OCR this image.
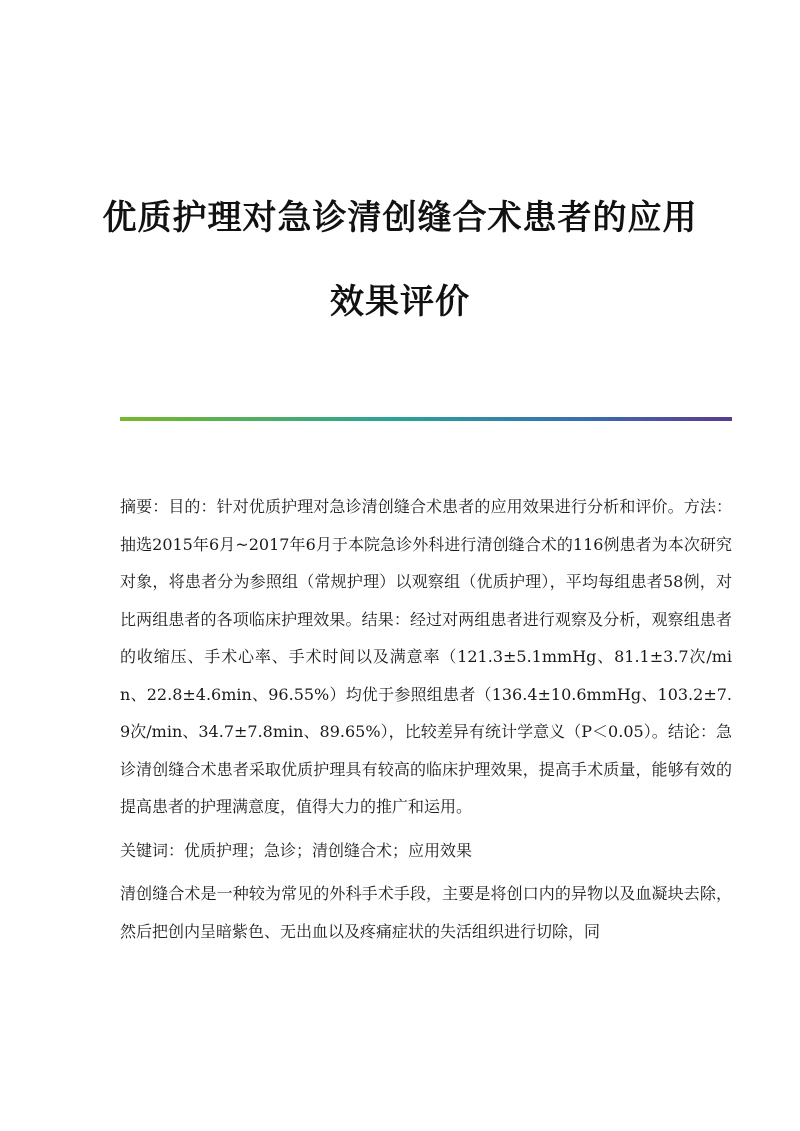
优质护理对急诊清创缝合术患者的应用
效果评价

摘要：目的：针对优质护理对急诊清创缝合术患者的应用效果进行分析和评价。方法：抽选2015年6月~2017年6月于本院急诊外科进行清创缝合术的116例患者为本次研究对象，将患者分为参照组（常规护理）以观察组（优质护理），平均每组患者58例，对比两组患者的各项临床护理效果。结果：经过对两组患者进行观察及分析，观察组患者的收缩压、手术心率、手术时间以及满意率（121.3±5.1mmHg、81.1±3.7次/min、22.8±4.6min、96.55%）均优于参照组患者（136.4±10.6mmHg、103.2±7.9次/min、34.7±7.8min、89.65%），比较差异有统计学意义（P＜0.05）。结论：急诊清创缝合术患者采取优质护理具有较高的临床护理效果，提高手术质量，能够有效的提高患者的护理满意度，值得大力的推广和运用。

关键词：优质护理；急诊；清创缝合术；应用效果

清创缝合术是一种较为常见的外科手术手段，主要是将创口内的异物以及血凝块去除，然后把创内呈暗紫色、无出血以及疼痛症状的失活组织进行切除，同
